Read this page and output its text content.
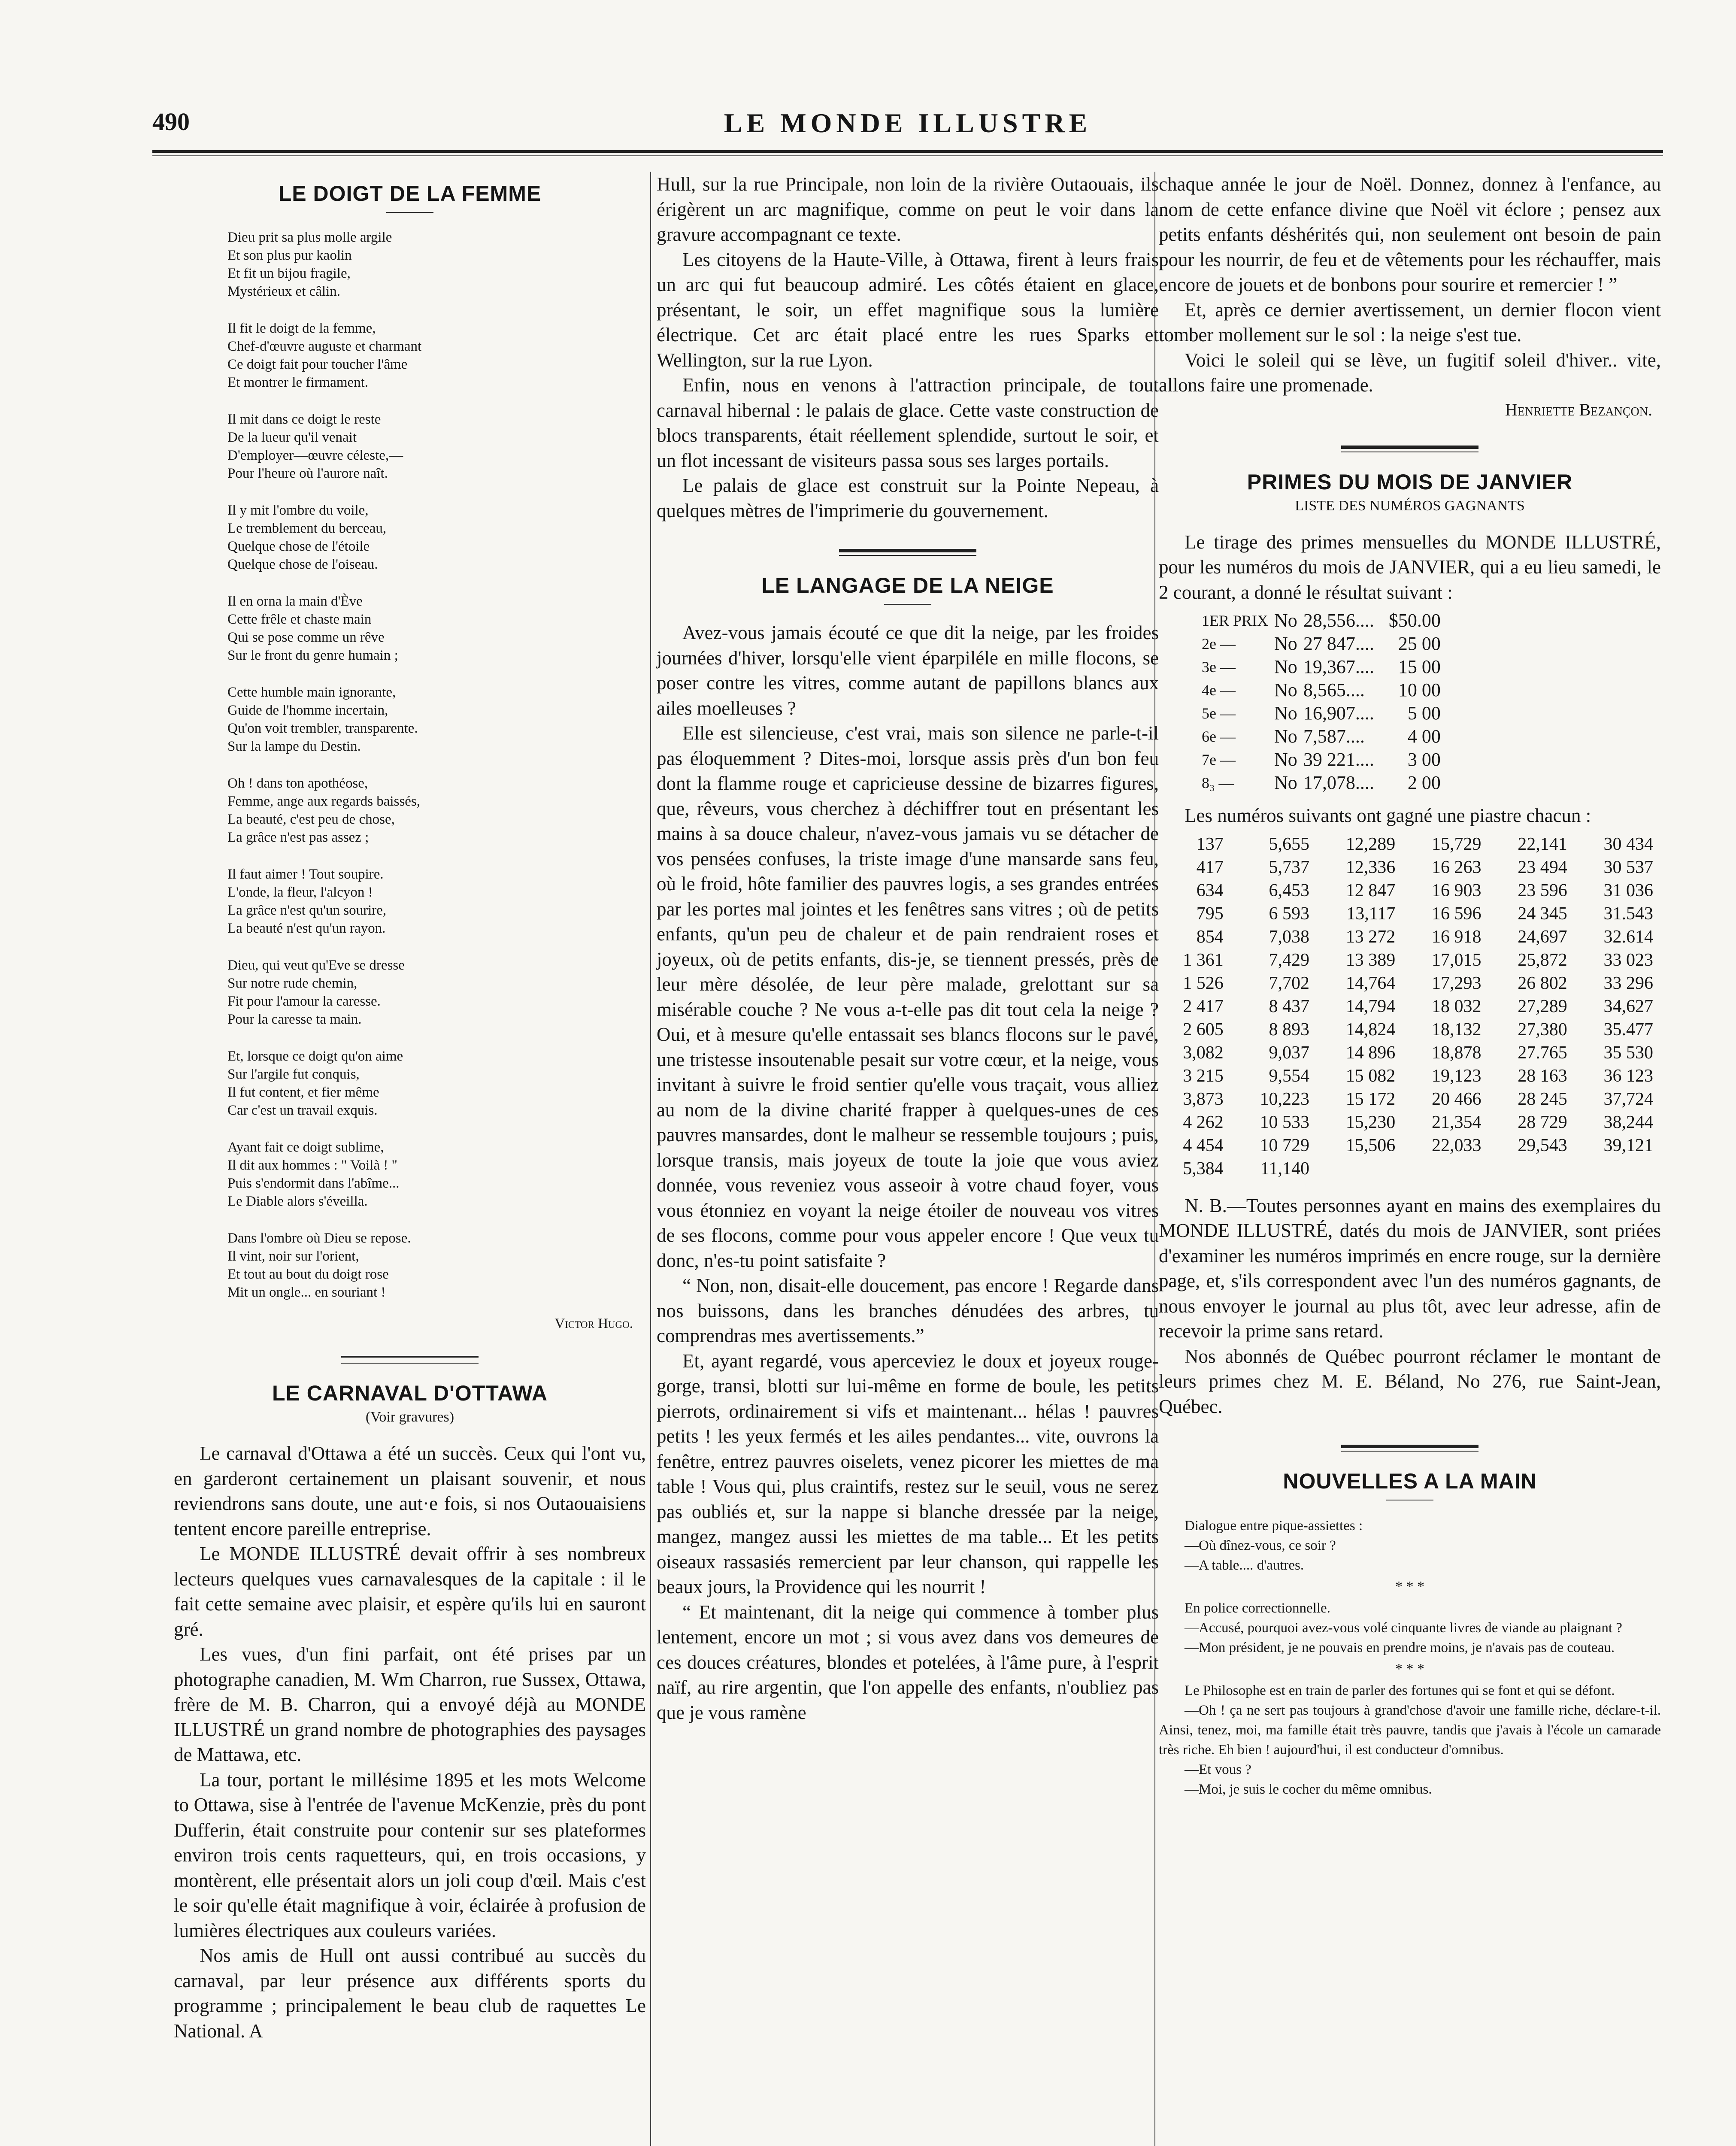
490	LE MONDE ILLUSTRE
LE DOIGT DE LA FEMME
Dieu prit sa plus molle argile
Et son plus pur kaolin
Et fit un bijou fragile,
Mystérieux et câlin.
Il fit le doigt de la femme,
Chef-d'œuvre auguste et charmant
Ce doigt fait pour toucher l'âme
Et montrer le firmament.
Il mit dans ce doigt le reste
De la lueur qu'il venait
D'employer—œuvre céleste,—
Pour l'heure où l'aurore naît.
Il y mit l'ombre du voile,
Le tremblement du berceau,
Quelque chose de l'étoile
Quelque chose de l'oiseau.
Il en orna la main d'Ève
Cette frêle et chaste main
Qui se pose comme un rêve
Sur le front du genre humain ;
Cette humble main ignorante,
Guide de l'homme incertain,
Qu'on voit trembler, transparente.
Sur la lampe du Destin.
Oh ! dans ton apothéose,
Femme, ange aux regards baissés,
La beauté, c'est peu de chose,
La grâce n'est pas assez ;
Il faut aimer ! Tout soupire.
L'onde, la fleur, l'alcyon !
La grâce n'est qu'un sourire,
La beauté n'est qu'un rayon.
Dieu, qui veut qu'Eve se dresse
Sur notre rude chemin,
Fit pour l'amour la caresse.
Pour la caresse ta main.
Et, lorsque ce doigt qu'on aime
Sur l'argile fut conquis,
Il fut content, et fier même
Car c'est un travail exquis.
Ayant fait ce doigt sublime,
Il dit aux hommes : " Voilà ! "
Puis s'endormit dans l'abîme...
Le Diable alors s'éveilla.
Dans l'ombre où Dieu se repose.
Il vint, noir sur l'orient,
Et tout au bout du doigt rose
Mit un ongle... en souriant !
Victor Hugo.
LE CARNAVAL D'OTTAWA
(Voir gravures)

Le carnaval d'Ottawa a été un succès. Ceux qui l'ont vu, en garderont certainement un plaisant souvenir, et nous reviendrons sans doute, une aut·e fois, si nos Outaouaisiens tentent encore pareille entreprise.

Le MONDE ILLUSTRÉ devait offrir à ses nombreux lecteurs quelques vues carnavalesques de la capitale : il le fait cette semaine avec plaisir, et espère qu'ils lui en sauront gré.

Les vues, d'un fini parfait, ont été prises par un photographe canadien, M. Wm Charron, rue Sussex, Ottawa, frère de M. B. Charron, qui a envoyé déjà au MONDE ILLUSTRÉ un grand nombre de photographies des paysages de Mattawa, etc.

La tour, portant le millésime 1895 et les mots Welcome to Ottawa, sise à l'entrée de l'avenue McKenzie, près du pont Dufferin, était construite pour contenir sur ses plateformes environ trois cents raquetteurs, qui, en trois occasions, y montèrent, elle présentait alors un joli coup d'œil. Mais c'est le soir qu'elle était magnifique à voir, éclairée à profusion de lumières électriques aux couleurs variées.

Nos amis de Hull ont aussi contribué au succès du carnaval, par leur présence aux différents sports du programme ; principalement le beau club de raquettes Le National. A

Hull, sur la rue Principale, non loin de la rivière Outaouais, ils érigèrent un arc magnifique, comme on peut le voir dans la gravure accompagnant ce texte.

Les citoyens de la Haute-Ville, à Ottawa, firent à leurs frais un arc qui fut beaucoup admiré. Les côtés étaient en glace, présentant, le soir, un effet magnifique sous la lumière électrique. Cet arc était placé entre les rues Sparks et Wellington, sur la rue Lyon.

Enfin, nous en venons à l'attraction principale, de tout carnaval hibernal : le palais de glace. Cette vaste construction de blocs transparents, était réellement splendide, surtout le soir, et un flot incessant de visiteurs passa sous ses larges portails.

Le palais de glace est construit sur la Pointe Nepeau, à quelques mètres de l'imprimerie du gouvernement.

LE LANGAGE DE LA NEIGE

Avez-vous jamais écouté ce que dit la neige, par les froides journées d'hiver, lorsqu'elle vient éparpiléle en mille flocons, se poser contre les vitres, comme autant de papillons blancs aux ailes moelleuses ?

Elle est silencieuse, c'est vrai, mais son silence ne parle-t-il pas éloquemment ? Dites-moi, lorsque assis près d'un bon feu dont la flamme rouge et capricieuse dessine de bizarres figures, que, rêveurs, vous cherchez à déchiffrer tout en présentant les mains à sa douce chaleur, n'avez-vous jamais vu se détacher de vos pensées confuses, la triste image d'une mansarde sans feu, où le froid, hôte familier des pauvres logis, a ses grandes entrées par les portes mal jointes et les fenêtres sans vitres ; où de petits enfants, qu'un peu de chaleur et de pain rendraient roses et joyeux, où de petits enfants, dis-je, se tiennent pressés, près de leur mère désolée, de leur père malade, grelottant sur sa misérable couche ? Ne vous a-t-elle pas dit tout cela la neige ? Oui, et à mesure qu'elle entassait ses blancs flocons sur le pavé, une tristesse insoutenable pesait sur votre cœur, et la neige, vous invitant à suivre le froid sentier qu'elle vous traçait, vous alliez au nom de la divine charité frapper à quelques-unes de ces pauvres mansardes, dont le malheur se ressemble toujours ; puis, lorsque transis, mais joyeux de toute la joie que vous aviez donnée, vous reveniez vous asseoir à votre chaud foyer, vous vous étonniez en voyant la neige étoiler de nouveau vos vitres de ses flocons, comme pour vous appeler encore ! Que veux tu donc, n'es-tu point satisfaite ?

“ Non, non, disait-elle doucement, pas encore ! Regarde dans nos buissons, dans les branches dénudées des arbres, tu comprendras mes avertissements.”

Et, ayant regardé, vous aperceviez le doux et joyeux rouge-gorge, transi, blotti sur lui-même en forme de boule, les petits pierrots, ordinairement si vifs et maintenant... hélas ! pauvres petits ! les yeux fermés et les ailes pendantes... vite, ouvrons la fenêtre, entrez pauvres oiselets, venez picorer les miettes de ma table ! Vous qui, plus craintifs, restez sur le seuil, vous ne serez pas oubliés et, sur la nappe si blanche dressée par la neige, mangez, mangez aussi les miettes de ma table... Et les petits oiseaux rassasiés remercient par leur chanson, qui rappelle les beaux jours, la Providence qui les nourrit !

“ Et maintenant, dit la neige qui commence à tomber plus lentement, encore un mot ; si vous avez dans vos demeures de ces douces créatures, blondes et potelées, à l'âme pure, à l'esprit naïf, au rire argentin, que l'on appelle des enfants, n'oubliez pas que je vous ramène

chaque année le jour de Noël. Donnez, donnez à l'enfance, au nom de cette enfance divine que Noël vit éclore ; pensez aux petits enfants déshérités qui, non seulement ont besoin de pain pour les nourrir, de feu et de vêtements pour les réchauffer, mais encore de jouets et de bonbons pour sourire et remercier ! ”

Et, après ce dernier avertissement, un dernier flocon vient tomber mollement sur le sol : la neige s'est tue.

Voici le soleil qui se lève, un fugitif soleil d'hiver.. vite, allons faire une promenade.

Henriette Bezançon.
PRIMES DU MOIS DE JANVIER
LISTE DES NUMÉROS GAGNANTS

Le tirage des primes mensuelles du MONDE ILLUSTRÉ, pour les numéros du mois de JANVIER, qui a eu lieu samedi, le 2 courant, a donné le résultat suivant :

1ER PRIX	No	28,556....	$50.00
2e —	No	27 847....	25 00
3e —	No	19,367....	15 00
4e —	No	8,565....	10 00
5e —	No	16,907....	5 00
6e —	No	7,587....	4 00
7e —	No	39 221....	3 00
8₃ —	No	17,078....	2 00

Les numéros suivants ont gagné une piastre chacun :

137	5,655	12,289	15,729	22,141	30 434
417	5,737	12,336	16 263	23 494	30 537
634	6,453	12 847	16 903	23 596	31 036
795	6 593	13,117	16 596	24 345	31.543
854	7,038	13 272	16 918	24,697	32.614
1 361	7,429	13 389	17,015	25,872	33 023
1 526	7,702	14,764	17,293	26 802	33 296
2 417	8 437	14,794	18 032	27,289	34,627
2 605	8 893	14,824	18,132	27,380	35.477
3,082	9,037	14 896	18,878	27.765	35 530
3 215	9,554	15 082	19,123	28 163	36 123
3,873	10,223	15 172	20 466	28 245	37,724
4 262	10 533	15,230	21,354	28 729	38,244
4 454	10 729	15,506	22,033	29,543	39,121
5,384	11,140				

N. B.—Toutes personnes ayant en mains des exemplaires du MONDE ILLUSTRÉ, datés du mois de JANVIER, sont priées d'examiner les numéros imprimés en encre rouge, sur la dernière page, et, s'ils correspondent avec l'un des numéros gagnants, de nous envoyer le journal au plus tôt, avec leur adresse, afin de recevoir la prime sans retard.

Nos abonnés de Québec pourront réclamer le montant de leurs primes chez M. E. Béland, No 276, rue Saint-Jean, Québec.

NOUVELLES A LA MAIN
Dialogue entre pique-assiettes :
—Où dînez-vous, ce soir ?
—A table.... d'autres.
* * *
En police correctionnelle.

—Accusé, pourquoi avez-vous volé cinquante livres de viande au plaignant ?

—Mon président, je ne pouvais en prendre moins, je n'avais pas de couteau.

* * *

Le Philosophe est en train de parler des fortunes qui se font et qui se défont.

—Oh ! ça ne sert pas toujours à grand'chose d'avoir une famille riche, déclare-t-il. Ainsi, tenez, moi, ma famille était très pauvre, tandis que j'avais à l'école un camarade très riche. Eh bien ! aujourd'hui, il est conducteur d'omnibus.

—Et vous ?
—Moi, je suis le cocher du même omnibus.
